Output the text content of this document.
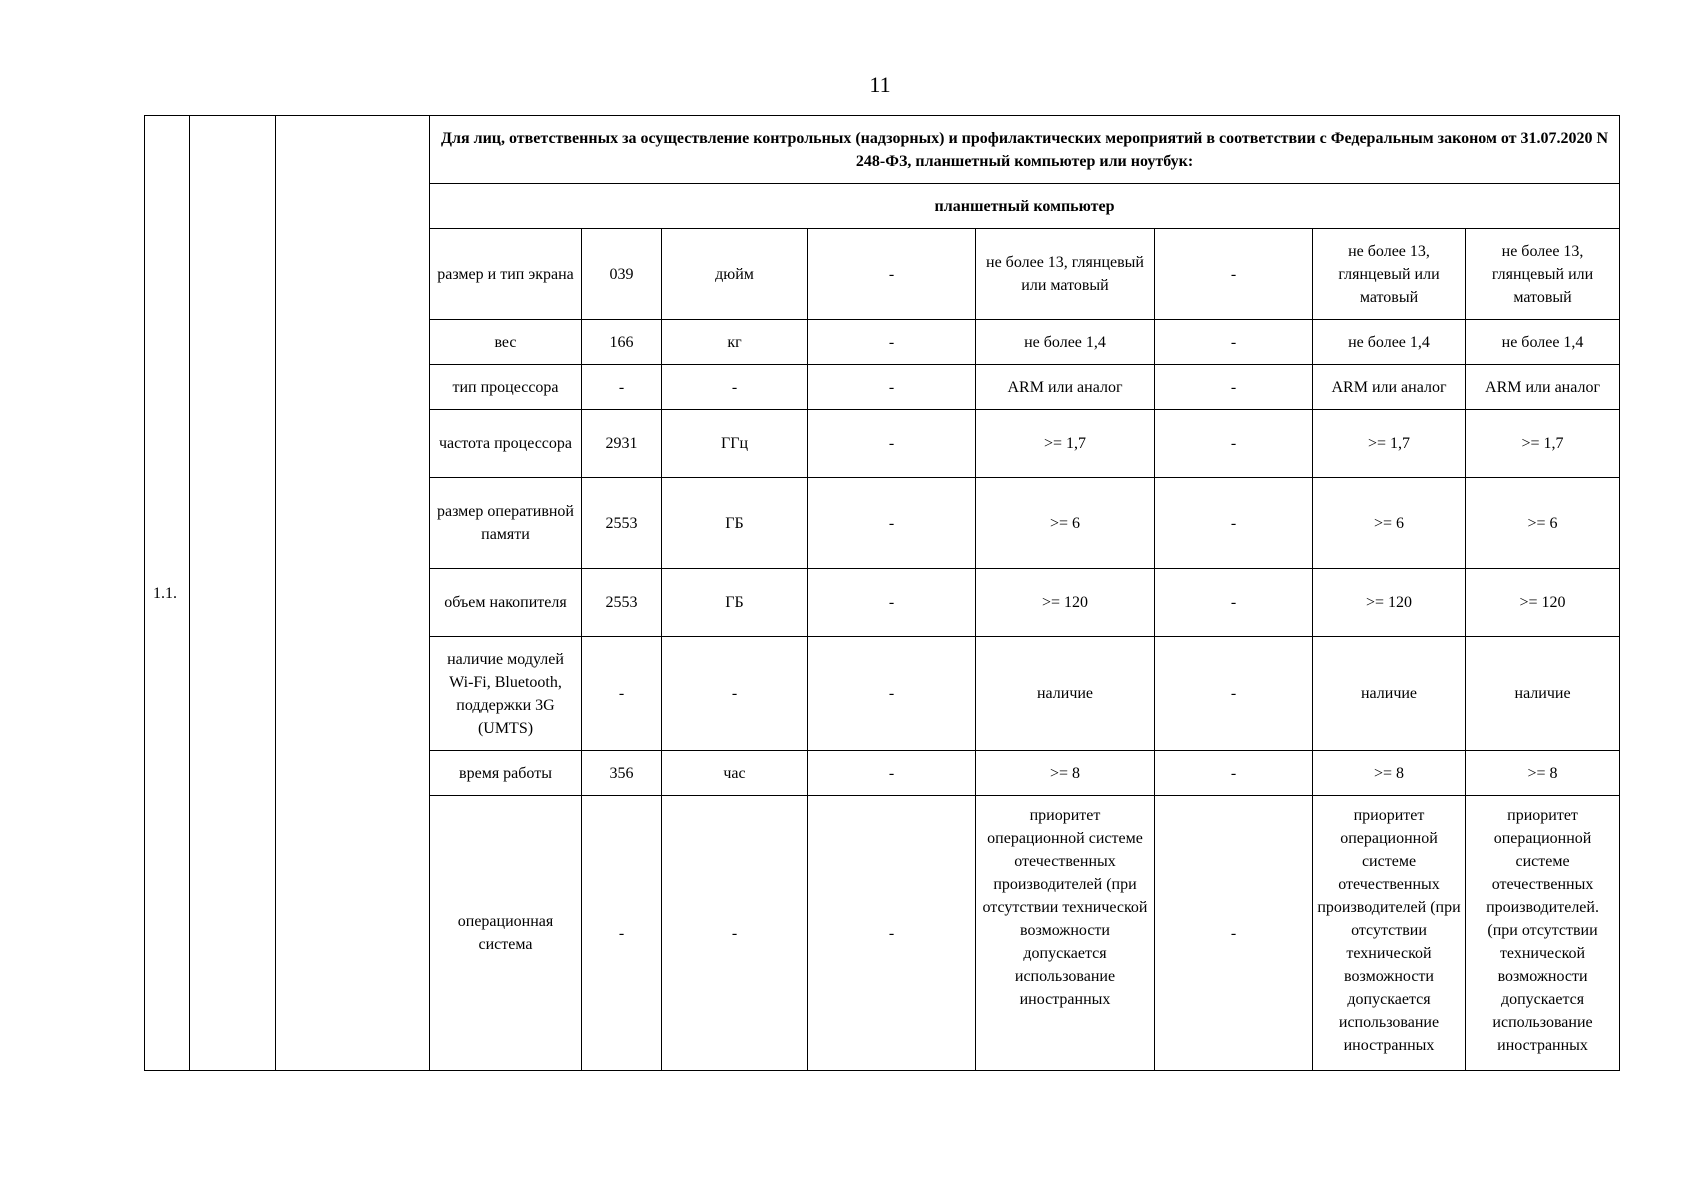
11
1.1.			Для лиц, ответственных за осуществление контрольных (надзорных) и профилактических мероприятий в соответствии с Федеральным законом от 31.07.2020 N 248-ФЗ, планшетный компьютер или ноутбук:							
			планшетный компьютер							
			размер и тип экрана	039	дюйм	-	не более 13, глянцевый или матовый	-	не более 13, глянцевый или матовый	не более 13, глянцевый или матовый
			вес	166	кг	-	не более 1,4	-	не более 1,4	не более 1,4
			тип процессора	-	-	-	ARM или аналог	-	ARM или аналог	ARM или аналог
			частота процессора	2931	ГГц	-	>= 1,7	-	>= 1,7	>= 1,7
			размер оперативной памяти	2553	ГБ	-	>= 6	-	>= 6	>= 6
			объем накопителя	2553	ГБ	-	>= 120	-	>= 120	>= 120
			наличие модулей Wi-Fi, Bluetooth, поддержки 3G (UMTS)	-	-	-	наличие	-	наличие	наличие
			время работы	356	час	-	>= 8	-	>= 8	>= 8
			операционная система	-	-	-	приоритет операционной системе отечественных производителей (при отсутствии технической возможности допускается использование иностранных	-	приоритет операционной системе отечественных производителей (при отсутствии технической возможности допускается использование иностранных	приоритет операционной системе отечественных производителей. (при отсутствии технической возможности допускается использование иностранных
